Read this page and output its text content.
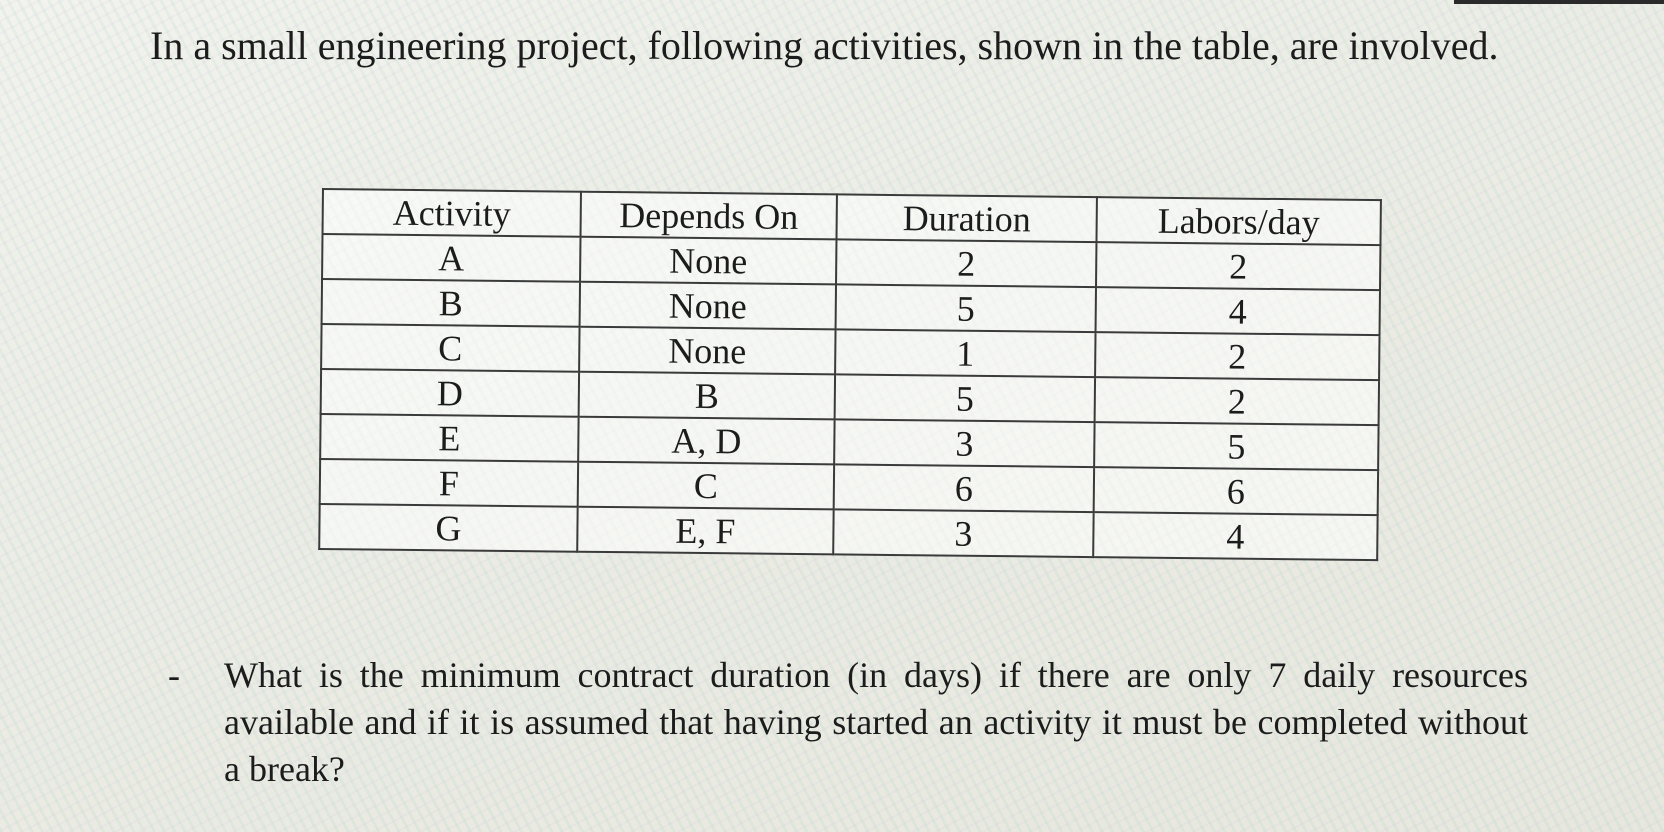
In a small engineering project, following activities, shown in the table, are involved.

Activity	Depends On	Duration	Labors/day
A	None	2	2
B	None	5	4
C	None	1	2
D	B	5	2
E	A, D	3	5
F	C	6	6
G	E, F	3	4
-	What is the minimum contract duration (in days) if there are only 7 daily resources available and if it is assumed that having started an activity it must be completed without a break?
